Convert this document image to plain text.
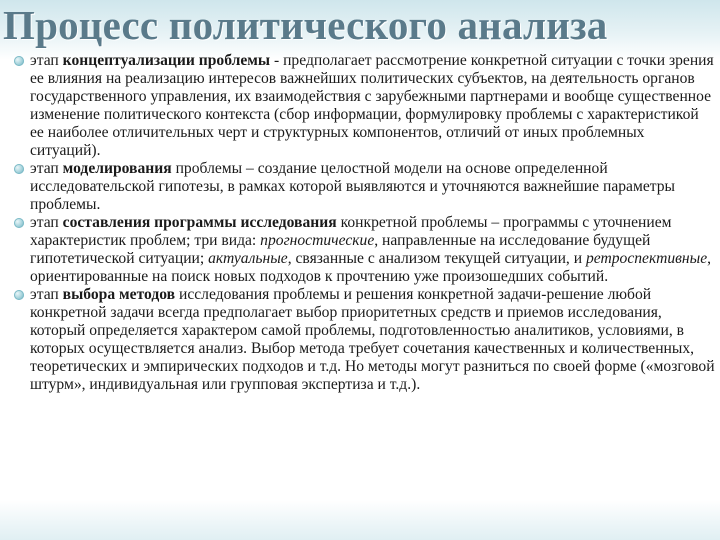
Процесс политического анализа
этап концептуализации проблемы - предполагает рассмотрение конкретной ситуации с точки зрения ее влияния на реализацию интересов важнейших политических субъектов, на деятельность органов государственного управления, их взаимодействия с зарубежными партнерами и вообще существенное изменение политического контекста (сбор информации, формулировку проблемы с характеристикой ее наиболее отличительных черт и структурных компонентов, отличий от иных проблемных ситуаций).
этап моделирования проблемы – создание целостной модели на основе определенной исследовательской гипотезы, в рамках которой выявляются и уточняются важнейшие параметры проблемы.
этап составления программы исследования конкретной проблемы – программы с уточнением характеристик проблем; три вида: прогностические, направленные на исследование будущей гипотетической ситуации; актуальные, связанные с анализом текущей ситуации, и ретроспективные, ориентированные на поиск новых подходов к прочтению уже произошедших событий.
этап выбора методов исследования проблемы и решения конкретной задачи-решение любой конкретной задачи всегда предполагает выбор приоритетных средств и приемов исследования, который определяется характером самой проблемы, подготовленностью аналитиков, условиями, в которых осуществляется анализ. Выбор метода требует сочетания качественных и количественных, теоретических и эмпирических подходов и т.д. Но методы могут разниться по своей форме («мозговой штурм», индивидуальная или групповая экспертиза и т.д.).
